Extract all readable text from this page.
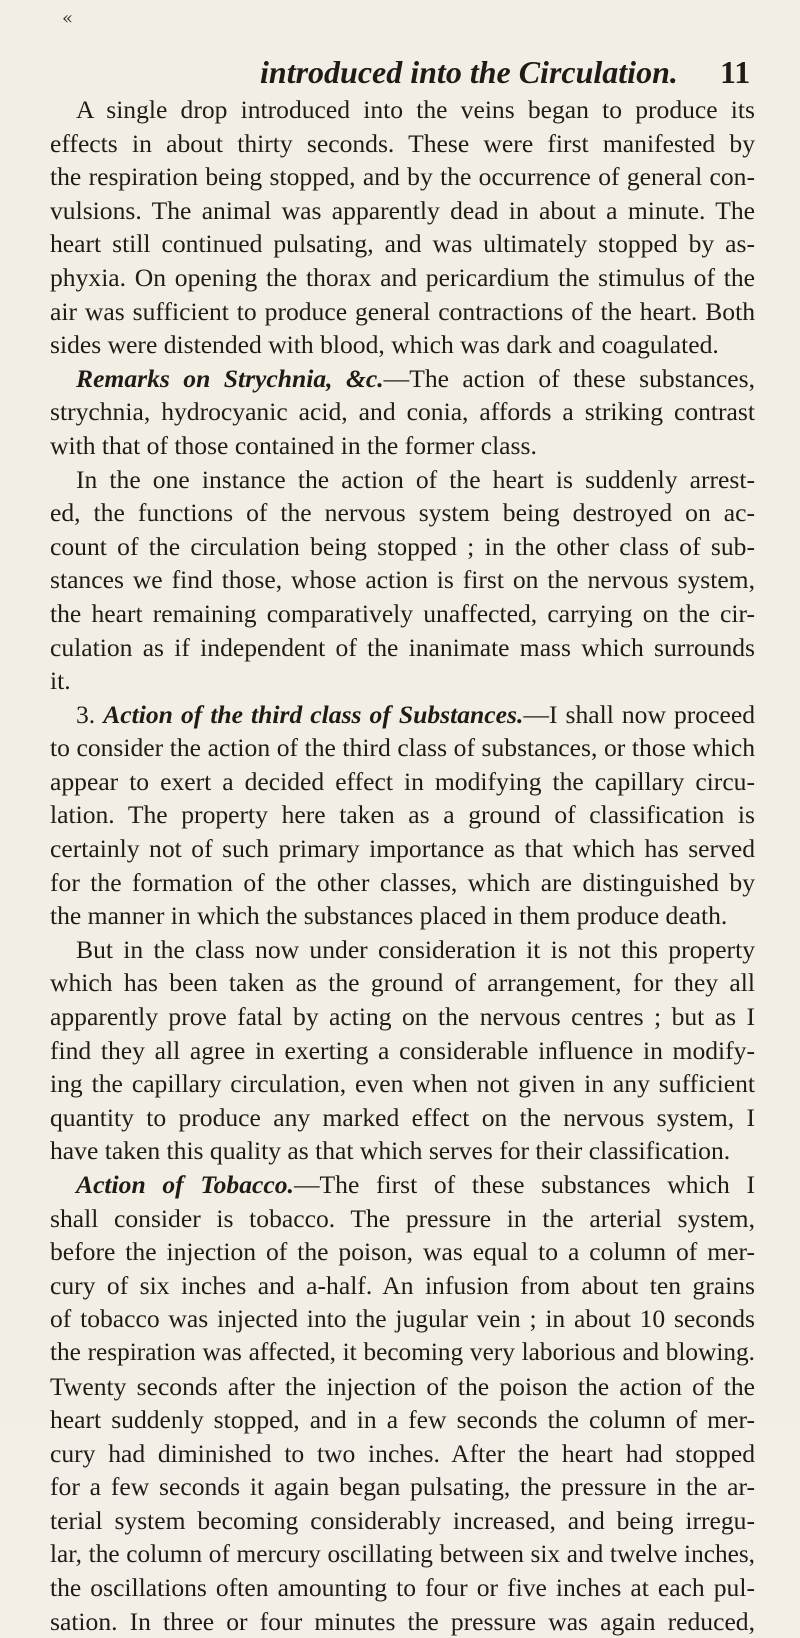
«
introduced into the Circulation. 11
A single drop introduced into the veins began to produce its
effects in about thirty seconds. These were first manifested by
the respiration being stopped, and by the occurrence of general con-
vulsions. The animal was apparently dead in about a minute. The
heart still continued pulsating, and was ultimately stopped by as-
phyxia. On opening the thorax and pericardium the stimulus of the
air was sufficient to produce general contractions of the heart. Both
sides were distended with blood, which was dark and coagulated.
Remarks on Strychnia, &c.—The action of these substances,
strychnia, hydrocyanic acid, and conia, affords a striking contrast
with that of those contained in the former class.
In the one instance the action of the heart is suddenly arrest-
ed, the functions of the nervous system being destroyed on ac-
count of the circulation being stopped ; in the other class of sub-
stances we find those, whose action is first on the nervous system,
the heart remaining comparatively unaffected, carrying on the cir-
culation as if independent of the inanimate mass which surrounds
it.
3. Action of the third class of Substances.—I shall now proceed
to consider the action of the third class of substances, or those which
appear to exert a decided effect in modifying the capillary circu-
lation. The property here taken as a ground of classification is
certainly not of such primary importance as that which has served
for the formation of the other classes, which are distinguished by
the manner in which the substances placed in them produce death.
But in the class now under consideration it is not this property
which has been taken as the ground of arrangement, for they all
apparently prove fatal by acting on the nervous centres ; but as I
find they all agree in exerting a considerable influence in modify-
ing the capillary circulation, even when not given in any sufficient
quantity to produce any marked effect on the nervous system, I
have taken this quality as that which serves for their classification.
Action of Tobacco.—The first of these substances which I
shall consider is tobacco. The pressure in the arterial system,
before the injection of the poison, was equal to a column of mer-
cury of six inches and a-half. An infusion from about ten grains
of tobacco was injected into the jugular vein ; in about 10 seconds
the respiration was affected, it becoming very laborious and blowing.
Twenty seconds after the injection of the poison the action of the
heart suddenly stopped, and in a few seconds the column of mer-
cury had diminished to two inches. After the heart had stopped
for a few seconds it again began pulsating, the pressure in the ar-
terial system becoming considerably increased, and being irregu-
lar, the column of mercury oscillating between six and twelve inches,
the oscillations often amounting to four or five inches at each pul-
sation. In three or four minutes the pressure was again reduced,
